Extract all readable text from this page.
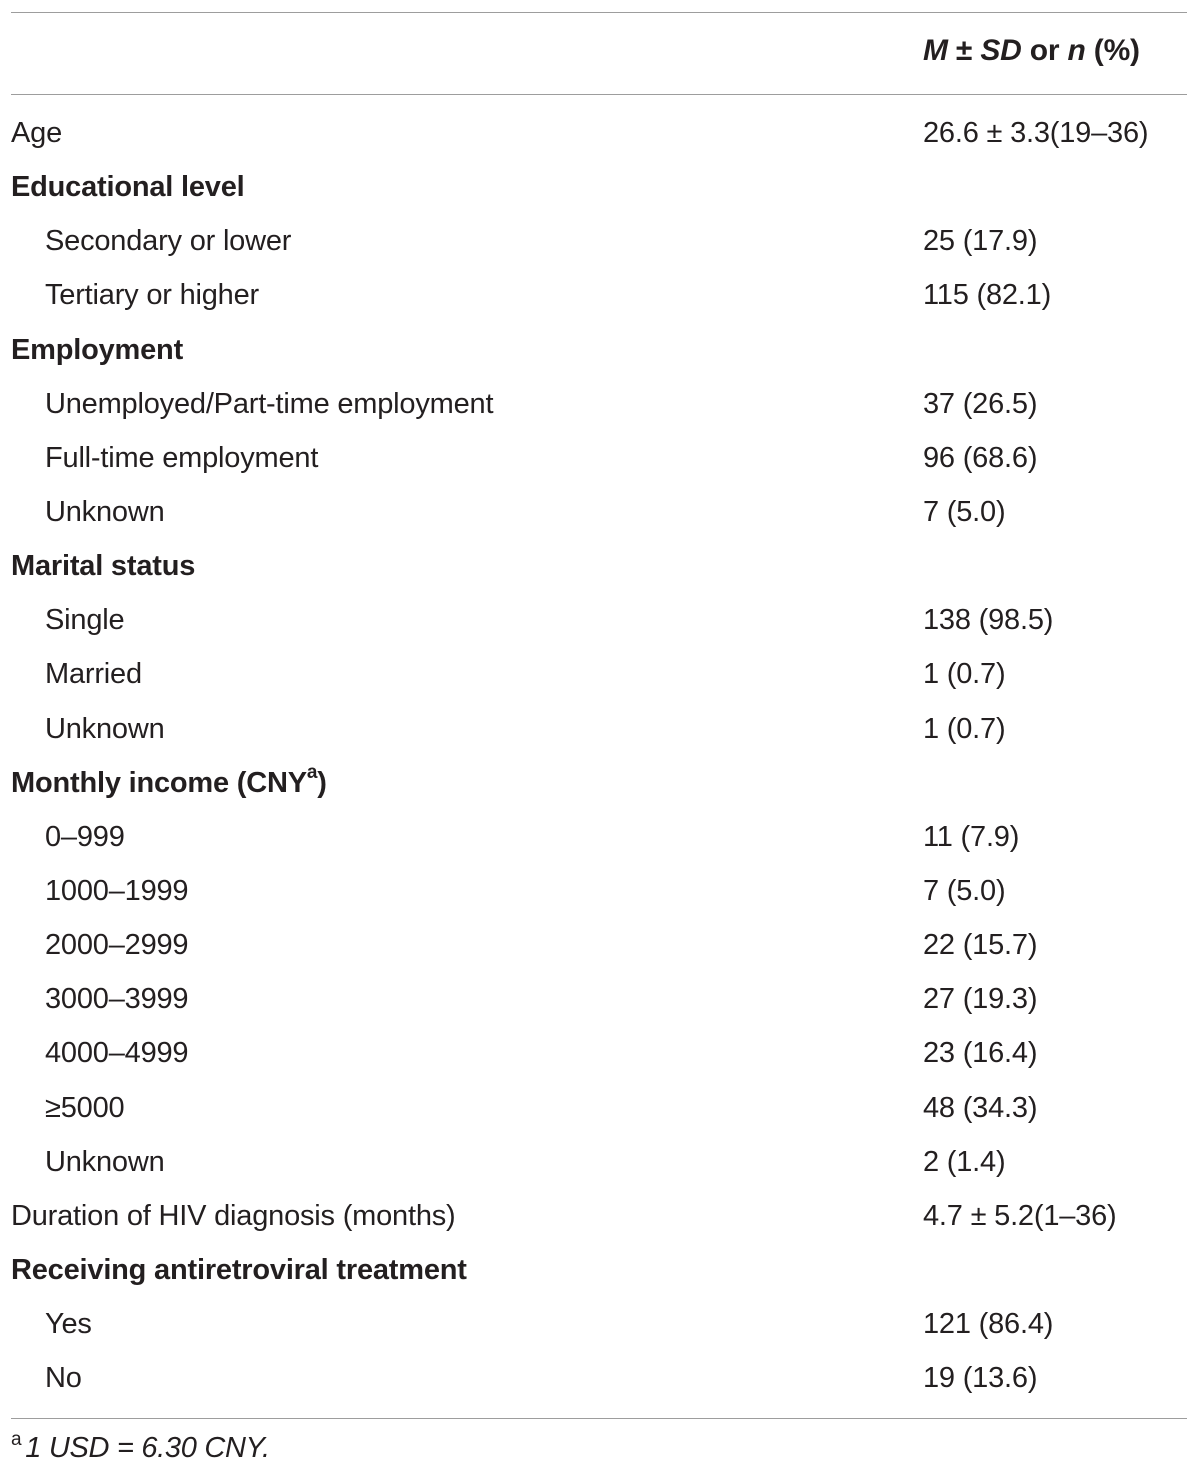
M ± SD or n (%)
Age	26.6 ± 3.3(19–36)
Educational level
Secondary or lower	25 (17.9)
Tertiary or higher	115 (82.1)
Employment
Unemployed/Part-time employment	37 (26.5)
Full-time employment	96 (68.6)
Unknown	7 (5.0)
Marital status
Single	138 (98.5)
Married	1 (0.7)
Unknown	1 (0.7)
Monthly income (CNY$^a$)
0–999	11 (7.9)
1000–1999	7 (5.0)
2000–2999	22 (15.7)
3000–3999	27 (19.3)
4000–4999	23 (16.4)
≥5000	48 (34.3)
Unknown	2 (1.4)
Duration of HIV diagnosis (months)	4.7 ± 5.2(1–36)
Receiving antiretroviral treatment
Yes	121 (86.4)
No	19 (13.6)
$^a$ 1 USD = 6.30 CNY.
